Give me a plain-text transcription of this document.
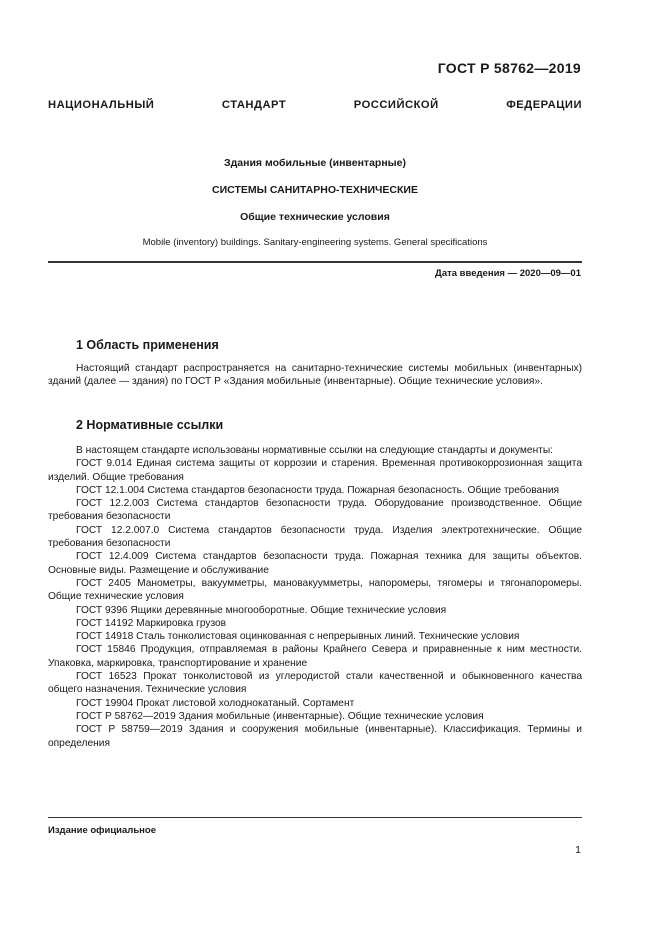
ГОСТ Р 58762—2019
НАЦИОНАЛЬНЫЙ СТАНДАРТ РОССИЙСКОЙ ФЕДЕРАЦИИ
Здания мобильные (инвентарные)
СИСТЕМЫ САНИТАРНО-ТЕХНИЧЕСКИЕ
Общие технические условия
Mobile (inventory) buildings. Sanitary-engineering systems. General specifications
Дата введения — 2020—09—01
1 Область применения

Настоящий стандарт распространяется на санитарно-технические системы мобильных (инвентарных) зданий (далее — здания) по ГОСТ Р «Здания мобильные (инвентарные). Общие технические условия».

2 Нормативные ссылки

В настоящем стандарте использованы нормативные ссылки на следующие стандарты и документы:

ГОСТ 9.014 Единая система защиты от коррозии и старения. Временная противокоррозионная защита изделий. Общие требования

ГОСТ 12.1.004 Система стандартов безопасности труда. Пожарная безопасность. Общие требования

ГОСТ 12.2.003 Система стандартов безопасности труда. Оборудование производственное. Общие требования безопасности

ГОСТ 12.2.007.0 Система стандартов безопасности труда. Изделия электротехнические. Общие требования безопасности

ГОСТ 12.4.009 Система стандартов безопасности труда. Пожарная техника для защиты объектов. Основные виды. Размещение и обслуживание

ГОСТ 2405 Манометры, вакуумметры, мановакуумметры, напоромеры, тягомеры и тягонапоромеры. Общие технические условия

ГОСТ 9396 Ящики деревянные многооборотные. Общие технические условия

ГОСТ 14192 Маркировка грузов

ГОСТ 14918 Сталь тонколистовая оцинкованная с непрерывных линий. Технические условия

ГОСТ 15846 Продукция, отправляемая в районы Крайнего Севера и приравненные к ним местности. Упаковка, маркировка, транспортирование и хранение

ГОСТ 16523 Прокат тонколистовой из углеродистой стали качественной и обыкновенного качества общего назначения. Технические условия

ГОСТ 19904 Прокат листовой холоднокатаный. Сортамент

ГОСТ Р 58762—2019 Здания мобильные (инвентарные). Общие технические условия

ГОСТ Р 58759—2019 Здания и сооружения мобильные (инвентарные). Классификация. Термины и определения

Издание официальное
1
